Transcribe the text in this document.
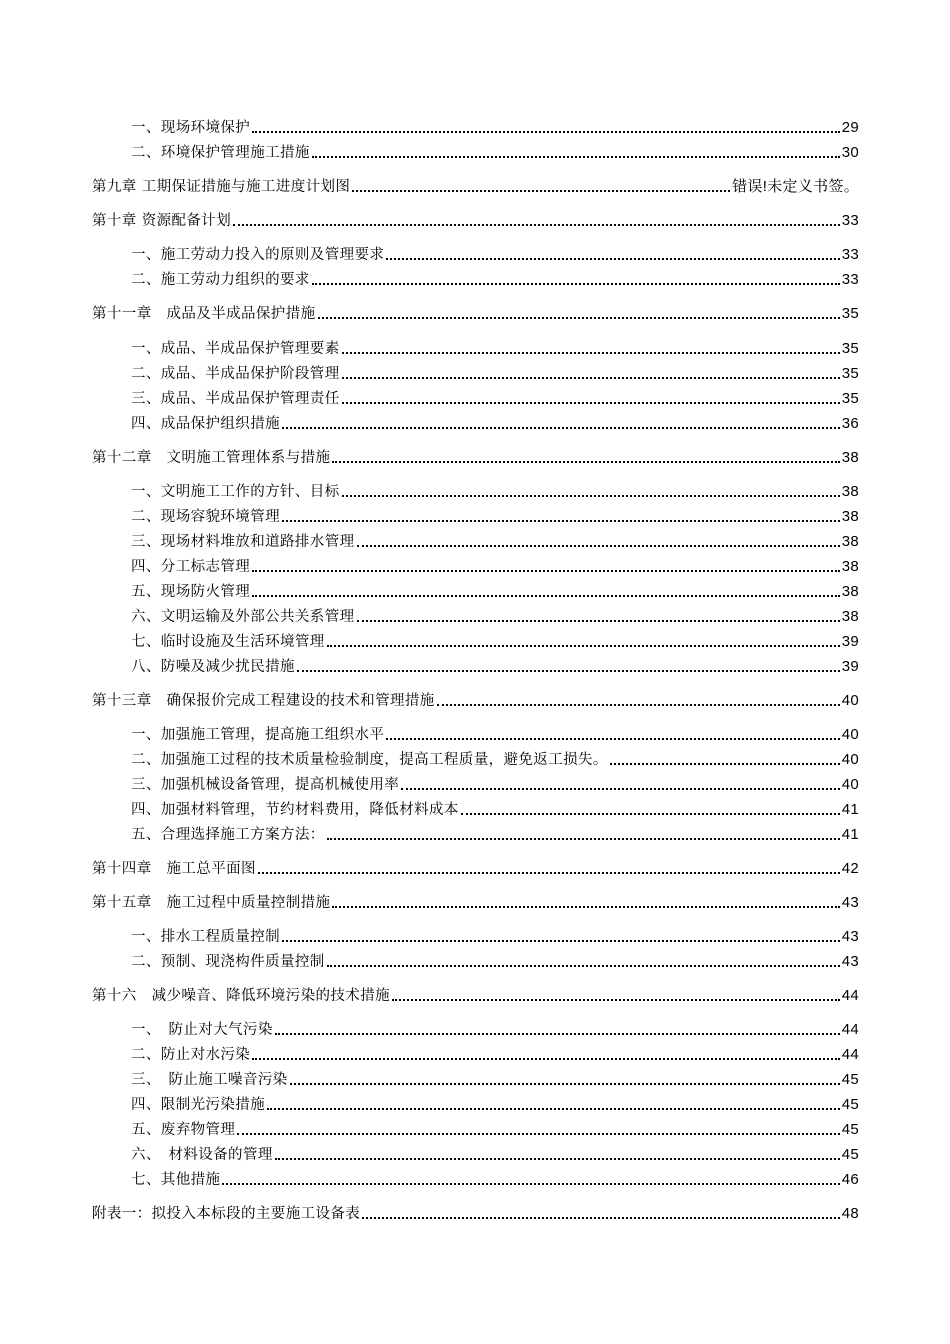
一、现场环境保护	29
二、环境保护管理施工措施	30
第九章 工期保证措施与施工进度计划图	错误!未定义书签。
第十章 资源配备计划	33
一、施工劳动力投入的原则及管理要求	33
二、施工劳动力组织的要求	33
第十一章　成品及半成品保护措施	35
一、成品、半成品保护管理要素	35
二、成品、半成品保护阶段管理	35
三、成品、半成品保护管理责任	35
四、成品保护组织措施	36
第十二章　文明施工管理体系与措施	38
一、文明施工工作的方针、目标	38
二、现场容貌环境管理	38
三、现场材料堆放和道路排水管理	38
四、分工标志管理	38
五、现场防火管理	38
六、文明运输及外部公共关系管理	38
七、临时设施及生活环境管理	39
八、防噪及减少扰民措施	39
第十三章　确保报价完成工程建设的技术和管理措施	40
一、加强施工管理，提高施工组织水平	40
二、加强施工过程的技术质量检验制度，提高工程质量，避免返工损失。	40
三、加强机械设备管理，提高机械使用率	40
四、加强材料管理，节约材料费用，降低材料成本	41
五、合理选择施工方案方法：	41
第十四章　施工总平面图	42
第十五章　施工过程中质量控制措施	43
一、排水工程质量控制	43
二、预制、现浇构件质量控制	43
第十六　减少噪音、降低环境污染的技术措施	44
一、　防止对大气污染	44
二、防止对水污染	44
三、　防止施工噪音污染	45
四、限制光污染措施	45
五、废弃物管理	45
六、　材料设备的管理	45
七、其他措施	46
附表一：拟投入本标段的主要施工设备表	48
